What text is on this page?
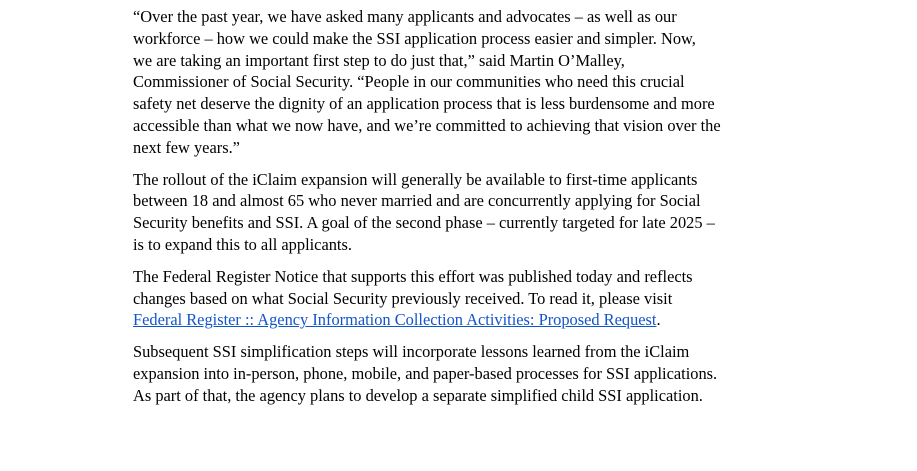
“Over the past year, we have asked many applicants and advocates – as well as our
workforce – how we could make the SSI application process easier and simpler. Now,
we are taking an important first step to do just that,” said Martin O’Malley,
Commissioner of Social Security. “People in our communities who need this crucial
safety net deserve the dignity of an application process that is less burdensome and more
accessible than what we now have, and we’re committed to achieving that vision over the
next few years.”

The rollout of the iClaim expansion will generally be available to first-time applicants
between 18 and almost 65 who never married and are concurrently applying for Social
Security benefits and SSI. A goal of the second phase – currently targeted for late 2025 –
is to expand this to all applicants.

The Federal Register Notice that supports this effort was published today and reflects
changes based on what Social Security previously received. To read it, please visit
Federal Register :: Agency Information Collection Activities: Proposed Request.

Subsequent SSI simplification steps will incorporate lessons learned from the iClaim
expansion into in-person, phone, mobile, and paper-based processes for SSI applications.
As part of that, the agency plans to develop a separate simplified child SSI application.
